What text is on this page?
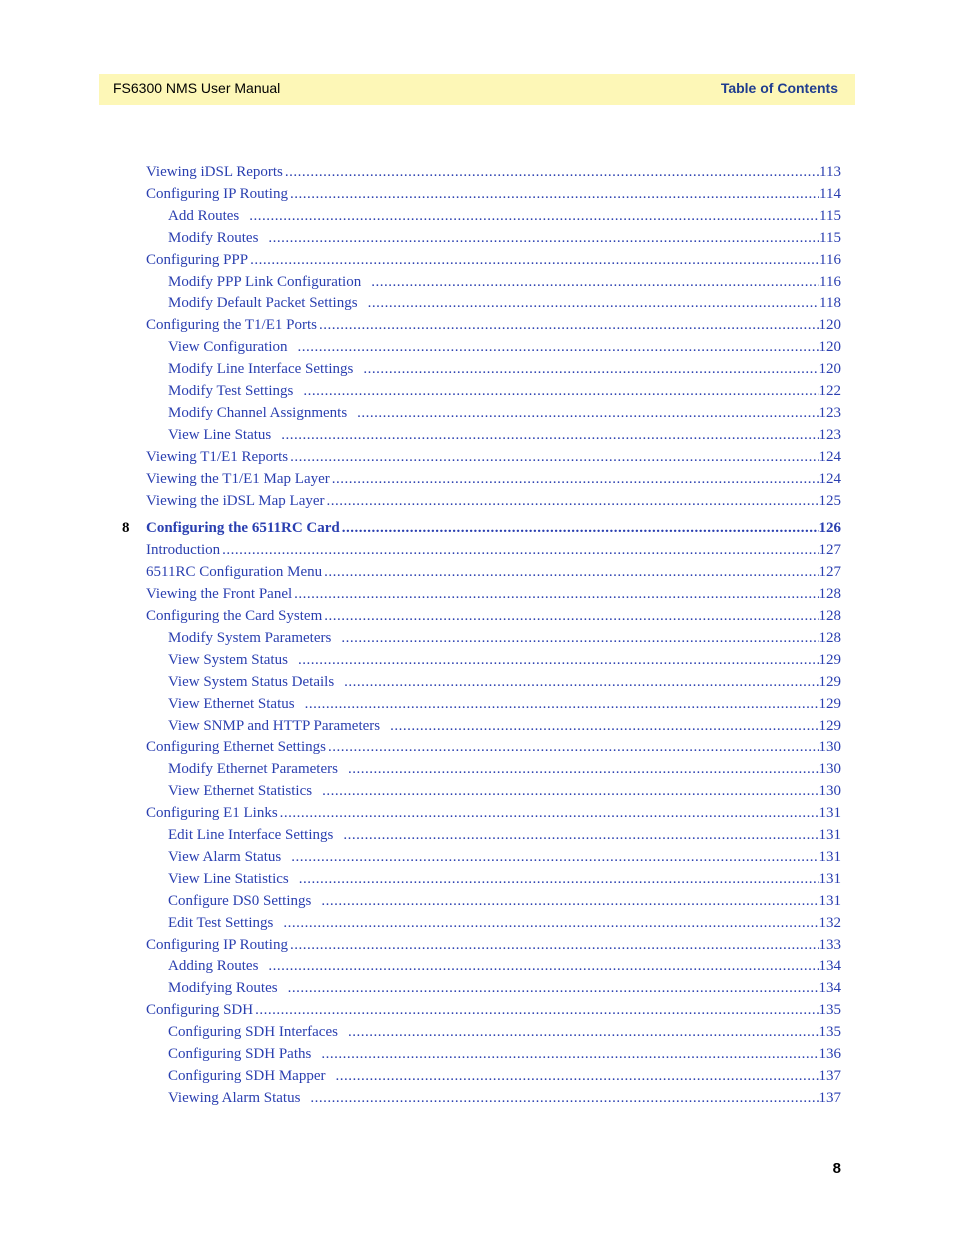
FS6300 NMS User Manual	Table of Contents
Viewing iDSL Reports .....	113
Configuring IP Routing .....	114
Add Routes .....	115
Modify Routes .....	115
Configuring PPP .....	116
Modify PPP Link Configuration .....	116
Modify Default Packet Settings .....	118
Configuring the T1/E1 Ports .....	120
View Configuration .....	120
Modify Line Interface Settings .....	120
Modify Test Settings .....	122
Modify Channel Assignments .....	123
View Line Status .....	123
Viewing T1/E1 Reports .....	124
Viewing the T1/E1 Map Layer .....	124
Viewing the iDSL Map Layer .....	125
Configuring the 6511RC Card .....	126
8
Introduction .....	127
6511RC Configuration Menu .....	127
Viewing the Front Panel .....	128
Configuring the Card System .....	128
Modify System Parameters .....	128
View System Status .....	129
View System Status Details .....	129
View Ethernet Status .....	129
View SNMP and HTTP Parameters .....	129
Configuring Ethernet Settings .....	130
Modify Ethernet Parameters .....	130
View Ethernet Statistics .....	130
Configuring E1 Links .....	131
Edit Line Interface Settings .....	131
View Alarm Status .....	131
View Line Statistics .....	131
Configure DS0 Settings .....	131
Edit Test Settings .....	132
Configuring IP Routing .....	133
Adding Routes .....	134
Modifying Routes .....	134
Configuring SDH .....	135
Configuring SDH Interfaces .....	135
Configuring SDH Paths .....	136
Configuring SDH Mapper .....	137
Viewing Alarm Status .....	137
8
